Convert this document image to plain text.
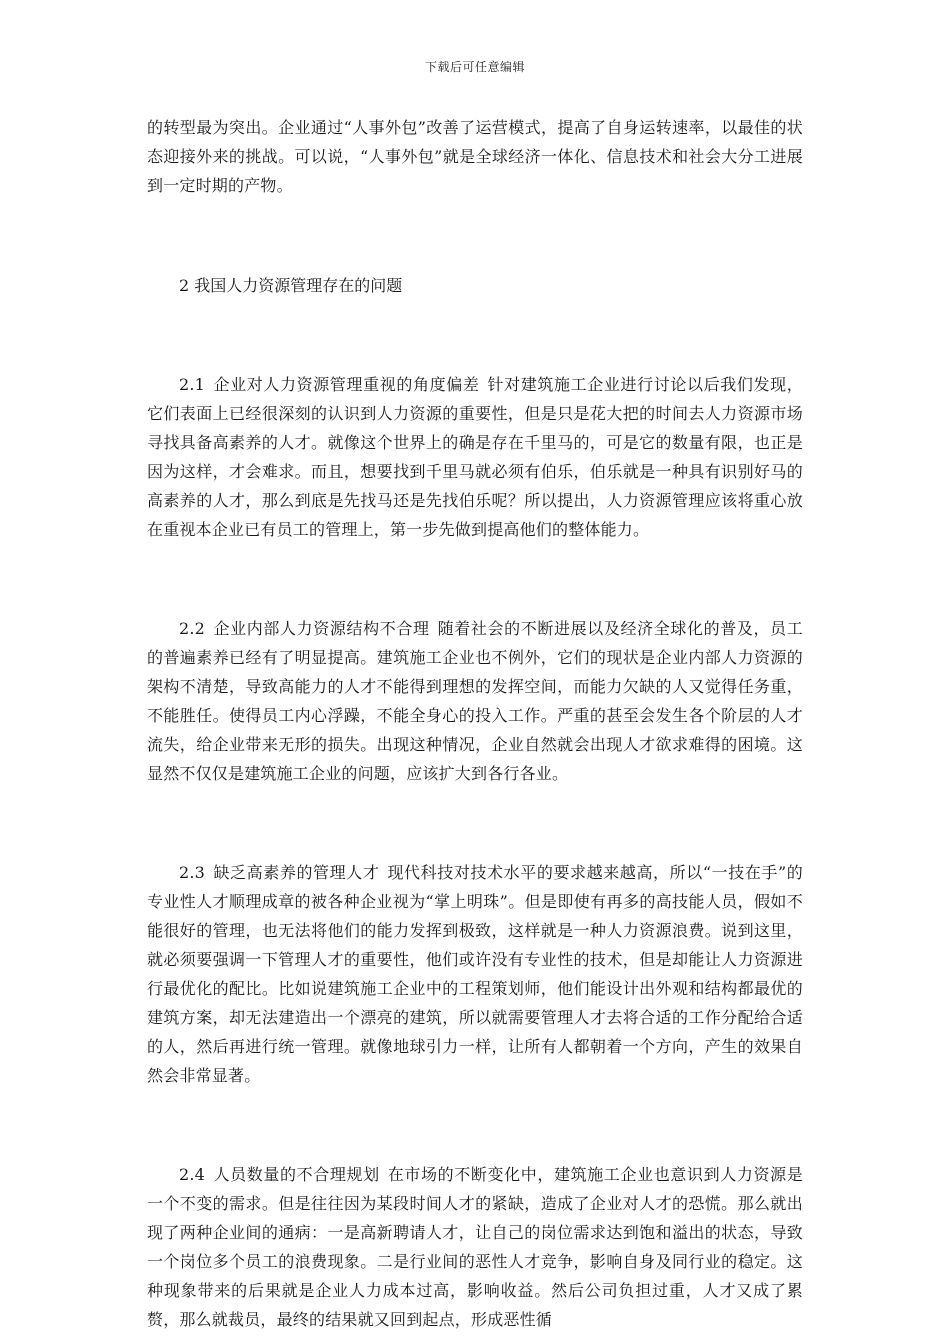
下载后可任意编辑

的转型最为突出。企业通过“人事外包”改善了运营模式，提高了自身运转速率，以最佳的状态迎接外来的挑战。可以说，“人事外包”就是全球经济一体化、信息技术和社会大分工进展到一定时期的产物。

2 我国人力资源管理存在的问题

2.1 企业对人力资源管理重视的角度偏差 针对建筑施工企业进行讨论以后我们发现，它们表面上已经很深刻的认识到人力资源的重要性，但是只是花大把的时间去人力资源市场寻找具备高素养的人才。就像这个世界上的确是存在千里马的，可是它的数量有限，也正是因为这样，才会难求。而且，想要找到千里马就必须有伯乐，伯乐就是一种具有识别好马的高素养的人才，那么到底是先找马还是先找伯乐呢？所以提出，人力资源管理应该将重心放在重视本企业已有员工的管理上，第一步先做到提高他们的整体能力。

2.2 企业内部人力资源结构不合理 随着社会的不断进展以及经济全球化的普及，员工的普遍素养已经有了明显提高。建筑施工企业也不例外，它们的现状是企业内部人力资源的架构不清楚，导致高能力的人才不能得到理想的发挥空间，而能力欠缺的人又觉得任务重，不能胜任。使得员工内心浮躁，不能全身心的投入工作。严重的甚至会发生各个阶层的人才流失，给企业带来无形的损失。出现这种情况，企业自然就会出现人才欲求难得的困境。这显然不仅仅是建筑施工企业的问题，应该扩大到各行各业。

2.3 缺乏高素养的管理人才 现代科技对技术水平的要求越来越高，所以“一技在手”的专业性人才顺理成章的被各种企业视为“掌上明珠”。但是即使有再多的高技能人员，假如不能很好的管理，也无法将他们的能力发挥到极致，这样就是一种人力资源浪费。说到这里，就必须要强调一下管理人才的重要性，他们或许没有专业性的技术，但是却能让人力资源进行最优化的配比。比如说建筑施工企业中的工程策划师，他们能设计出外观和结构都最优的建筑方案，却无法建造出一个漂亮的建筑，所以就需要管理人才去将合适的工作分配给合适的人，然后再进行统一管理。就像地球引力一样，让所有人都朝着一个方向，产生的效果自然会非常显著。

2.4 人员数量的不合理规划 在市场的不断变化中，建筑施工企业也意识到人力资源是一个不变的需求。但是往往因为某段时间人才的紧缺，造成了企业对人才的恐慌。那么就出现了两种企业间的通病：一是高新聘请人才，让自己的岗位需求达到饱和溢出的状态，导致一个岗位多个员工的浪费现象。二是行业间的恶性人才竞争，影响自身及同行业的稳定。这种现象带来的后果就是企业人力成本过高，影响收益。然后公司负担过重，人才又成了累赘，那么就裁员，最终的结果就又回到起点，形成恶性循
